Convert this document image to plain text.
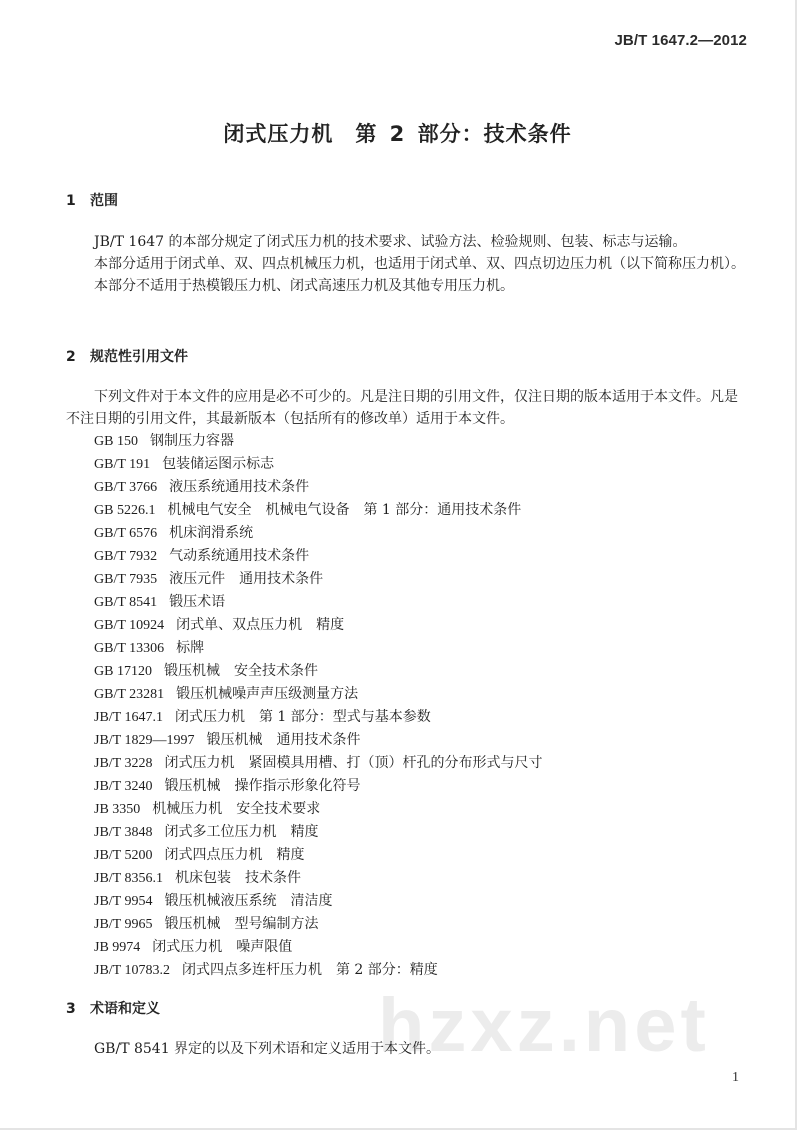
hzxz.net
JB/T 1647.2—2012
闭式压力机　第 2 部分：技术条件
1 范围

JB/T 1647 的本部分规定了闭式压力机的技术要求、试验方法、检验规则、包装、标志与运输。

本部分适用于闭式单、双、四点机械压力机，也适用于闭式单、双、四点切边压力机（以下简称压力机）。

本部分不适用于热模锻压力机、闭式高速压力机及其他专用压力机。

2 规范性引用文件

下列文件对于本文件的应用是必不可少的。凡是注日期的引用文件，仅注日期的版本适用于本文件。凡是不注日期的引用文件，其最新版本（包括所有的修改单）适用于本文件。

GB 150 钢制压力容器
GB/T 191 包装储运图示标志
GB/T 3766 液压系统通用技术条件
GB 5226.1 机械电气安全　机械电气设备　第 1 部分：通用技术条件
GB/T 6576 机床润滑系统
GB/T 7932 气动系统通用技术条件
GB/T 7935 液压元件　通用技术条件
GB/T 8541 锻压术语
GB/T 10924 闭式单、双点压力机　精度
GB/T 13306 标牌
GB 17120 锻压机械　安全技术条件
GB/T 23281 锻压机械噪声声压级测量方法
JB/T 1647.1 闭式压力机　第 1 部分：型式与基本参数
JB/T 1829—1997 锻压机械　通用技术条件
JB/T 3228 闭式压力机　紧固模具用槽、打（顶）杆孔的分布形式与尺寸
JB/T 3240 锻压机械　操作指示形象化符号
JB 3350 机械压力机　安全技术要求
JB/T 3848 闭式多工位压力机　精度
JB/T 5200 闭式四点压力机　精度
JB/T 8356.1 机床包装　技术条件
JB/T 9954 锻压机械液压系统　清洁度
JB/T 9965 锻压机械　型号编制方法
JB 9974 闭式压力机　噪声限值
JB/T 10783.2 闭式四点多连杆压力机　第 2 部分：精度
3 术语和定义

GB/T 8541 界定的以及下列术语和定义适用于本文件。

1
